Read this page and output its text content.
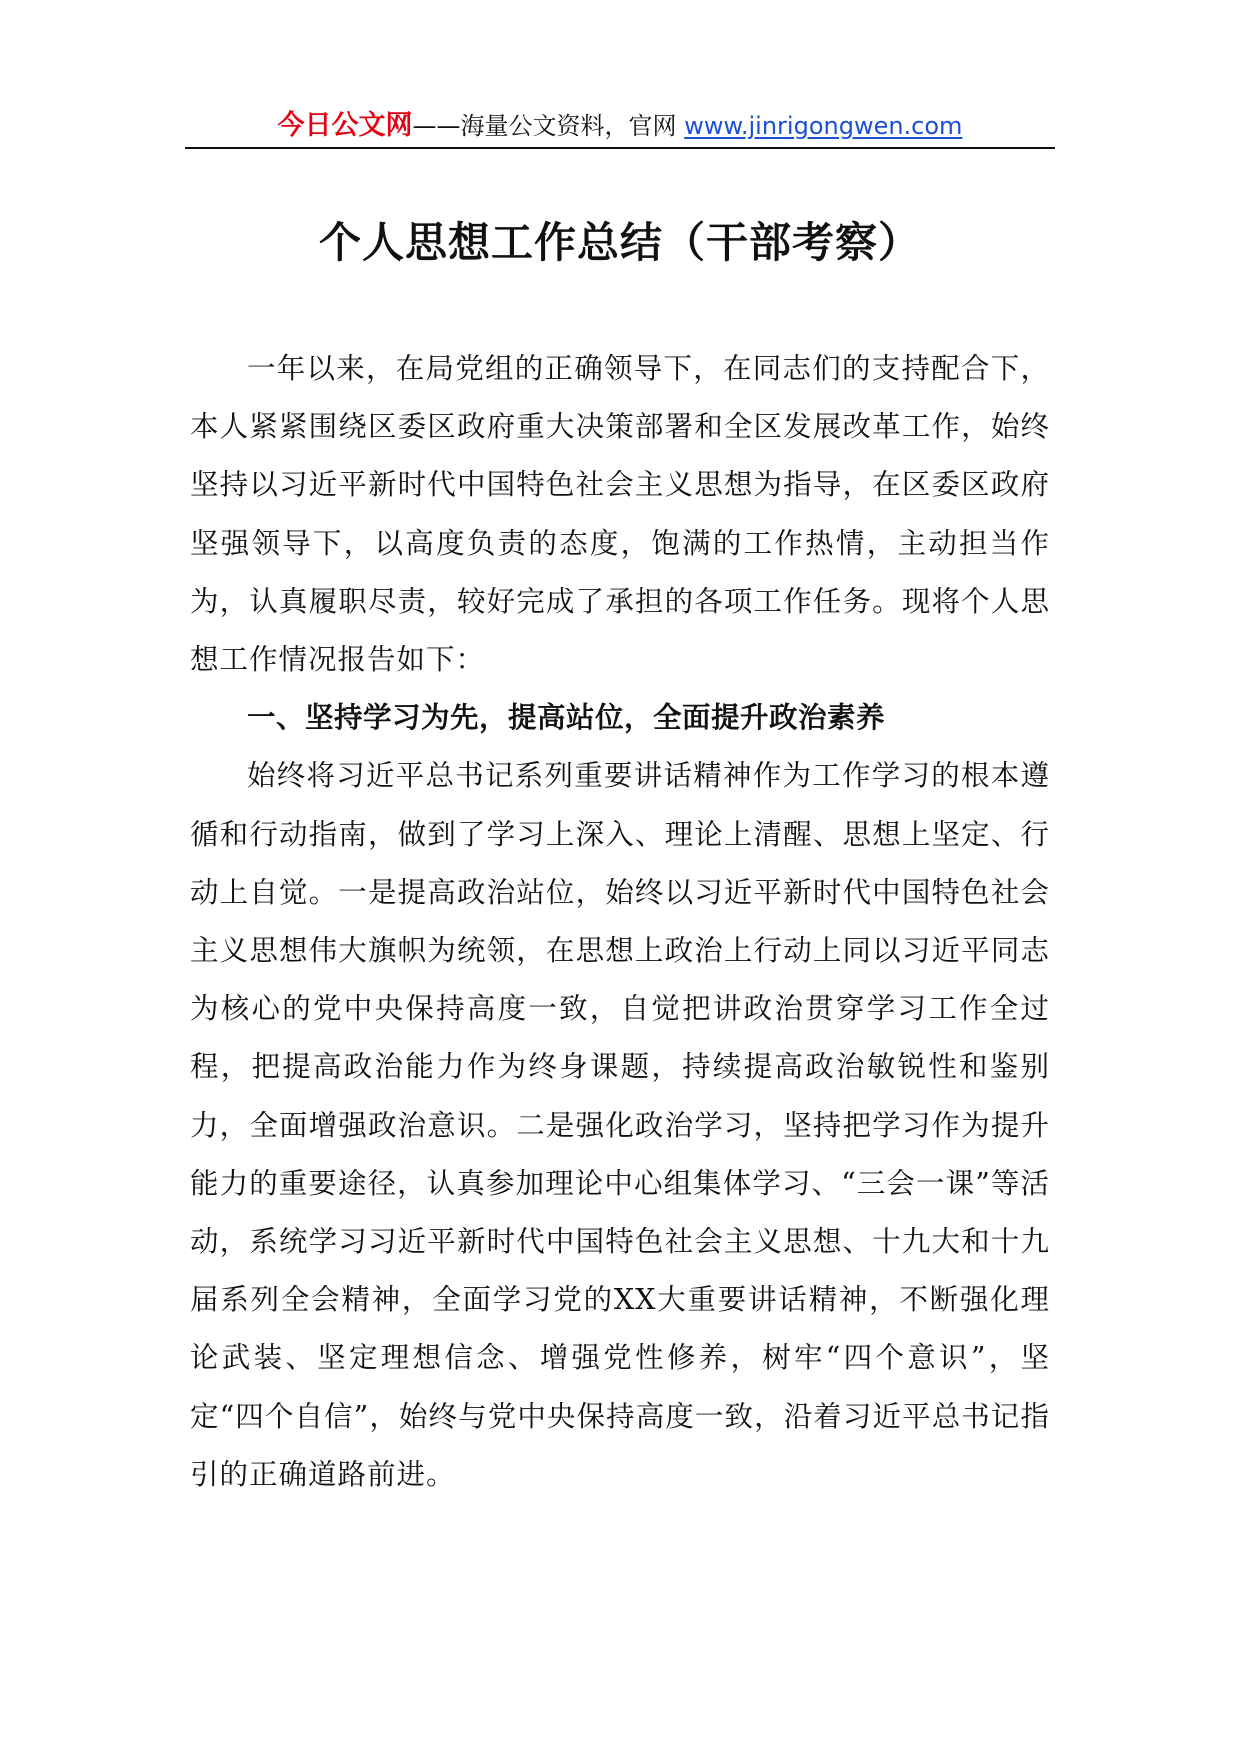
今日公文网——海量公文资料，官网 www.jinrigongwen.com
个人思想工作总结（干部考察）

一年以来，在局党组的正确领导下，在同志们的支持配合下，本人紧紧围绕区委区政府重大决策部署和全区发展改革工作，始终坚持以习近平新时代中国特色社会主义思想为指导，在区委区政府坚强领导下，以高度负责的态度，饱满的工作热情，主动担当作为，认真履职尽责，较好完成了承担的各项工作任务。现将个人思想工作情况报告如下：

一、坚持学习为先，提高站位，全面提升政治素养

始终将习近平总书记系列重要讲话精神作为工作学习的根本遵循和行动指南，做到了学习上深入、理论上清醒、思想上坚定、行动上自觉。一是提高政治站位，始终以习近平新时代中国特色社会主义思想伟大旗帜为统领，在思想上政治上行动上同以习近平同志为核心的党中央保持高度一致，自觉把讲政治贯穿学习工作全过程，把提高政治能力作为终身课题，持续提高政治敏锐性和鉴别力，全面增强政治意识。二是强化政治学习，坚持把学习作为提升能力的重要途径，认真参加理论中心组集体学习、“三会一课”等活动，系统学习习近平新时代中国特色社会主义思想、十九大和十九届系列全会精神，全面学习党的XX大重要讲话精神，不断强化理论武装、坚定理想信念、增强党性修养，树牢“四个意识”，坚定“四个自信”，始终与党中央保持高度一致，沿着习近平总书记指引的正确道路前进。
